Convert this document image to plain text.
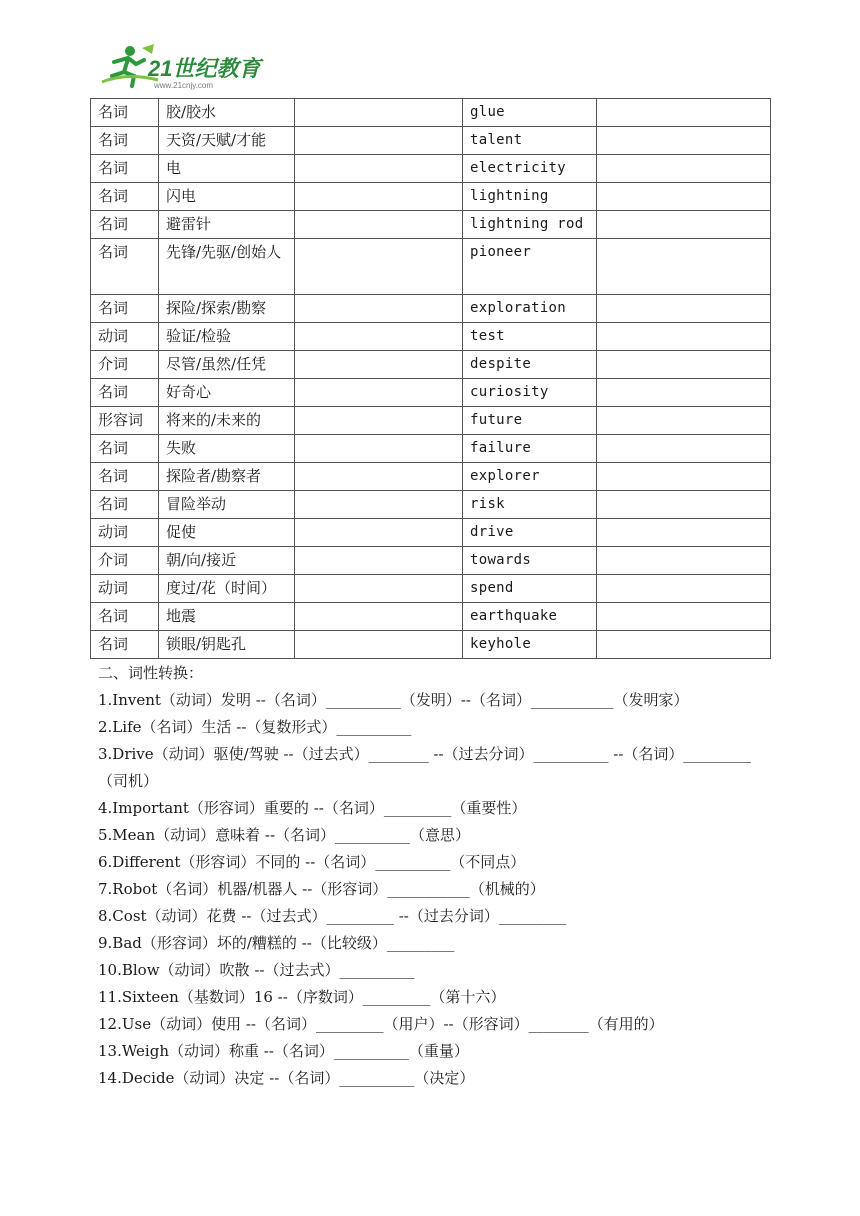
21世纪教育
www.21cnjy.com
名词	胶/胶水		glue	
名词	天资/天赋/才能		talent	
名词	电		electricity	
名词	闪电		lightning	
名词	避雷针		lightning rod	
名词	先锋/先驱/创始人		pioneer	
名词	探险/探索/勘察		exploration	
动词	验证/检验		test	
介词	尽管/虽然/任凭		despite	
名词	好奇心		curiosity	
形容词	将来的/未来的		future	
名词	失败		failure	
名词	探险者/勘察者		explorer	
名词	冒险举动		risk	
动词	促使		drive	
介词	朝/向/接近		towards	
动词	度过/花（时间）		spend	
名词	地震		earthquake	
名词	锁眼/钥匙孔		keyhole	
二、词性转换：
1.Invent（动词）发明 --（名词）__________（发明）--（名词）___________（发明家）
2.Life（名词）生活 --（复数形式）__________
3.Drive（动词）驱使/驾驶 --（过去式）________ --（过去分词）__________ --（名词）_________（司机）
4.Important（形容词）重要的 --（名词）_________（重要性）
5.Mean（动词）意味着 --（名词）__________（意思）
6.Different（形容词）不同的 --（名词）__________（不同点）
7.Robot（名词）机器/机器人 --（形容词）___________（机械的）
8.Cost（动词）花费 --（过去式）_________ --（过去分词）_________
9.Bad（形容词）坏的/糟糕的 --（比较级）_________
10.Blow（动词）吹散 --（过去式）__________
11.Sixteen（基数词）16 --（序数词）_________（第十六）
12.Use（动词）使用 --（名词）_________（用户）--（形容词）________（有用的）
13.Weigh（动词）称重 --（名词）__________（重量）
14.Decide（动词）决定 --（名词）__________（决定）
